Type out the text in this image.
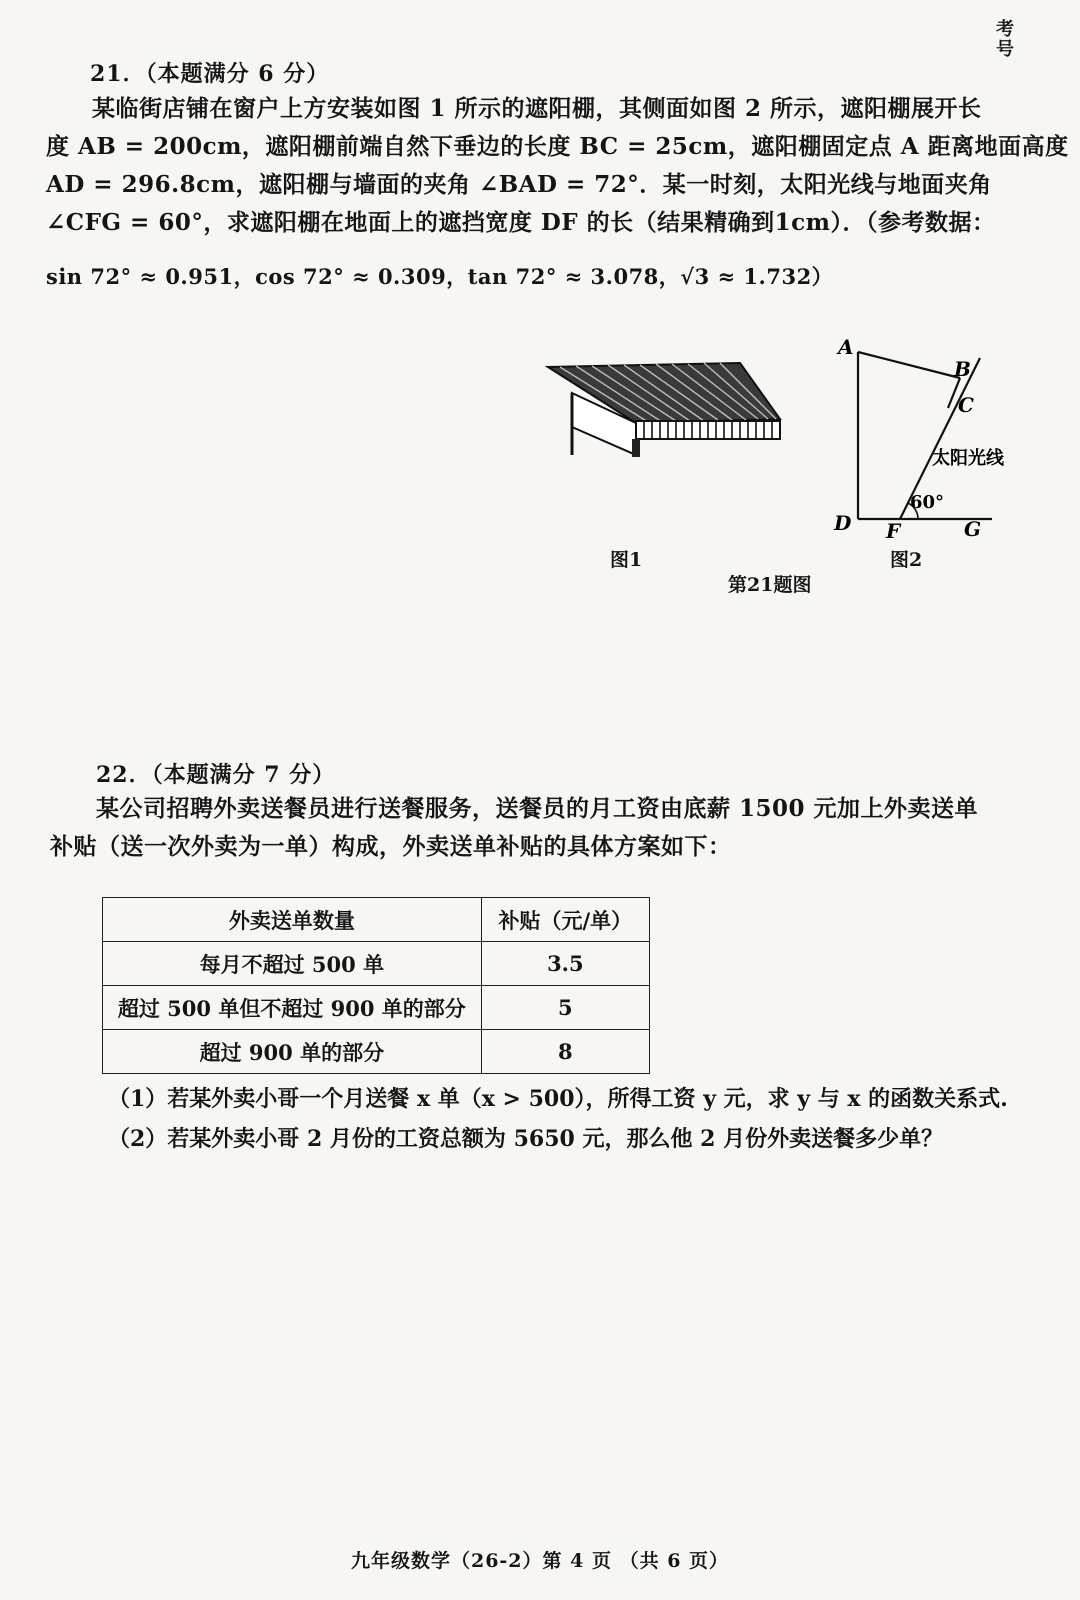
考号
21．（本题满分 6 分）
某临街店铺在窗户上方安装如图 1 所示的遮阳棚，其侧面如图 2 所示，遮阳棚展开长
度 AB = 200cm，遮阳棚前端自然下垂边的长度 BC = 25cm，遮阳棚固定点 A 距离地面高度
AD = 296.8cm，遮阳棚与墙面的夹角 ∠BAD = 72°．某一时刻，太阳光线与地面夹角
∠CFG = 60°，求遮阳棚在地面上的遮挡宽度 DF 的长（结果精确到1cm）．（参考数据：
sin 72° ≈ 0.951，cos 72° ≈ 0.309，tan 72° ≈ 3.078，√3 ≈ 1.732）
A
B
C
D F	G
太阳光线
60°
图1	图2
第21题图
22．（本题满分 7 分）
某公司招聘外卖送餐员进行送餐服务，送餐员的月工资由底薪 1500 元加上外卖送单
补贴（送一次外卖为一单）构成，外卖送单补贴的具体方案如下：
外卖送单数量	补贴（元/单）
每月不超过 500 单	3.5
超过 500 单但不超过 900 单的部分	5
超过 900 单的部分	8
（1）若某外卖小哥一个月送餐 x 单（x > 500），所得工资 y 元，求 y 与 x 的函数关系式.
（2）若某外卖小哥 2 月份的工资总额为 5650 元，那么他 2 月份外卖送餐多少单？
九年级数学（26-2）第 4 页 （共 6 页）
